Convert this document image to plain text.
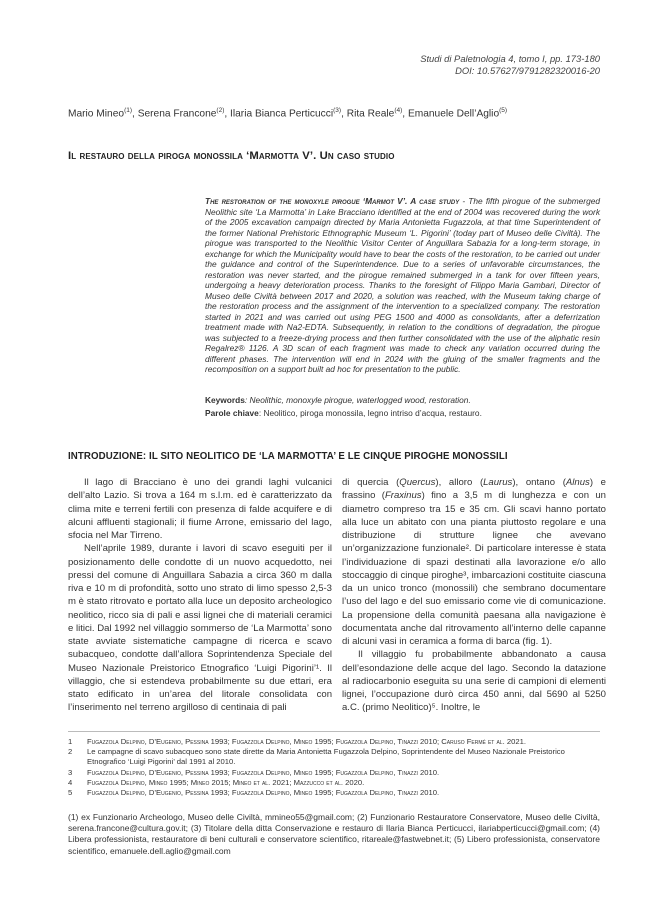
Studi di Paletnologia 4, tomo I, pp. 173-180
DOI: 10.57627/9791282320016-20
Mario Mineo$^{(1)}$, Serena Francone$^{(2)}$, Ilaria Bianca Perticucci$^{(3)}$, Rita Reale$^{(4)}$, Emanuele Dell’Aglio$^{(5)}$
Il restauro della piroga monossila ‘Marmotta V’. Un caso studio
The restoration of the monoxyle pirogue ‘Marmot V’. A case study - The fifth pirogue of the submerged Neolithic site ‘La Marmotta’ in Lake Bracciano identified at the end of 2004 was recovered during the work of the 2005 excavation campaign directed by Maria Antonietta Fugazzola, at that time Superintendent of the former National Prehistoric Ethnographic Museum ‘L. Pigorini’ (today part of Museo delle Civiltà). The pirogue was transported to the Neolithic Visitor Center of Anguillara Sabazia for a long-term storage, in exchange for which the Municipality would have to bear the costs of the restoration, to be carried out under the guidance and control of the Superintendence. Due to a series of unfavorable circumstances, the restoration was never started, and the pirogue remained submerged in a tank for over fifteen years, undergoing a heavy deterioration process. Thanks to the foresight of Filippo Maria Gambari, Director of Museo delle Civiltà between 2017 and 2020, a solution was reached, with the Museum taking charge of the restoration process and the assignment of the intervention to a specialized company. The restoration started in 2021 and was carried out using PEG 1500 and 4000 as consolidants, after a deferrization treatment made with Na2-EDTA. Subsequently, in relation to the conditions of degradation, the pirogue was subjected to a freeze-drying process and then further consolidated with the use of the aliphatic resin Regalrez® 1126. A 3D scan of each fragment was made to check any variation occurred during the different phases. The intervention will end in 2024 with the gluing of the smaller fragments and the recomposition on a support built ad hoc for presentation to the public.
Keywords: Neolithic, monoxyle pirogue, waterlogged wood, restoration.
Parole chiave: Neolitico, piroga monossila, legno intriso d’acqua, restauro.
INTRODUZIONE: IL SITO NEOLITICO DE ‘LA MARMOTTA’ E LE CINQUE PIROGHE MONOSSILI

Il lago di Bracciano è uno dei grandi laghi vulcanici dell’alto Lazio. Si trova a 164 m s.l.m. ed è caratterizzato da clima mite e terreni fertili con presenza di falde acquifere e di alcuni affluenti stagionali; il fiume Arrone, emissario del lago, sfocia nel Mar Tirreno.

Nell’aprile 1989, durante i lavori di scavo eseguiti per il posizionamento delle condotte di un nuovo acquedotto, nei pressi del comune di Anguillara Sabazia a circa 360 m dalla riva e 10 m di profondità, sotto uno strato di limo spesso 2,5-3 m è stato ritrovato e portato alla luce un deposito archeologico neolitico, ricco sia di pali e assi lignei che di materiali ceramici e litici. Dal 1992 nel villaggio sommerso de ‘La Marmotta’ sono state avviate sistematiche campagne di ricerca e scavo subacqueo, condotte dall’allora Soprintendenza Speciale del Museo Nazionale Preistorico Etnografico ‘Luigi Pigorini’¹. Il villaggio, che si estendeva probabilmente su due ettari, era stato edificato in un’area del litorale consolidata con l’inserimento nel terreno argilloso di centinaia di pali

di quercia (Quercus), alloro (Laurus), ontano (Alnus) e frassino (Fraxinus) fino a 3,5 m di lunghezza e con un diametro compreso tra 15 e 35 cm. Gli scavi hanno portato alla luce un abitato con una pianta piuttosto regolare e una distribuzione di strutture lignee che avevano un’organizzazione funzionale². Di particolare interesse è stata l’individuazione di spazi destinati alla lavorazione e/o allo stoccaggio di cinque piroghe³, imbarcazioni costituite ciascuna da un unico tronco (monossili) che sembrano documentare l’uso del lago e del suo emissario come vie di comunicazione. La propensione della comunità paesana alla navigazione è documentata anche dal ritrovamento all’interno delle capanne di alcuni vasi in ceramica a forma di barca (fig. 1).

Il villaggio fu probabilmente abbandonato a causa dell’esondazione delle acque del lago. Secondo la datazione al radiocarbonio eseguita su una serie di campioni di elementi lignei, l’occupazione durò circa 450 anni, dal 5690 al 5250 a.C. (primo Neolitico)⁵. Inoltre, le

1	Fugazzola Delpino, D’Eugenio, Pessina 1993; Fugazzola Delpino, Mineo 1995; Fugazzola Delpino, Tinazzi 2010; Caruso Fermé et al. 2021.
2	Le campagne di scavo subacqueo sono state dirette da Maria Antonietta Fugazzola Delpino, Soprintendente del Museo Nazionale Preistorico Etnografico ‘Luigi Pigorini’ dal 1991 al 2010.
3	Fugazzola Delpino, D’Eugenio, Pessina 1993; Fugazzola Delpino, Mineo 1995; Fugazzola Delpino, Tinazzi 2010.
4	Fugazzola Delpino, Mineo 1995; Mineo 2015; Mineo et al. 2021; Mazzucco et al. 2020.
5	Fugazzola Delpino, D’Eugenio, Pessina 1993; Fugazzola Delpino, Mineo 1995; Fugazzola Delpino, Tinazzi 2010.
(1) ex Funzionario Archeologo, Museo delle Civiltà, mmineo55@gmail.com; (2) Funzionario Restauratore Conservatore, Museo delle Civiltà, serena.francone@cultura.gov.it; (3) Titolare della ditta Conservazione e restauro di Ilaria Bianca Perticucci, ilariabperticucci@gmail.com; (4) Libera professionista, restauratore di beni culturali e conservatore scientifico, ritareale@fastwebnet.it; (5) Libero professionista, conservatore scientifico, emanuele.dell.aglio@gmail.com
